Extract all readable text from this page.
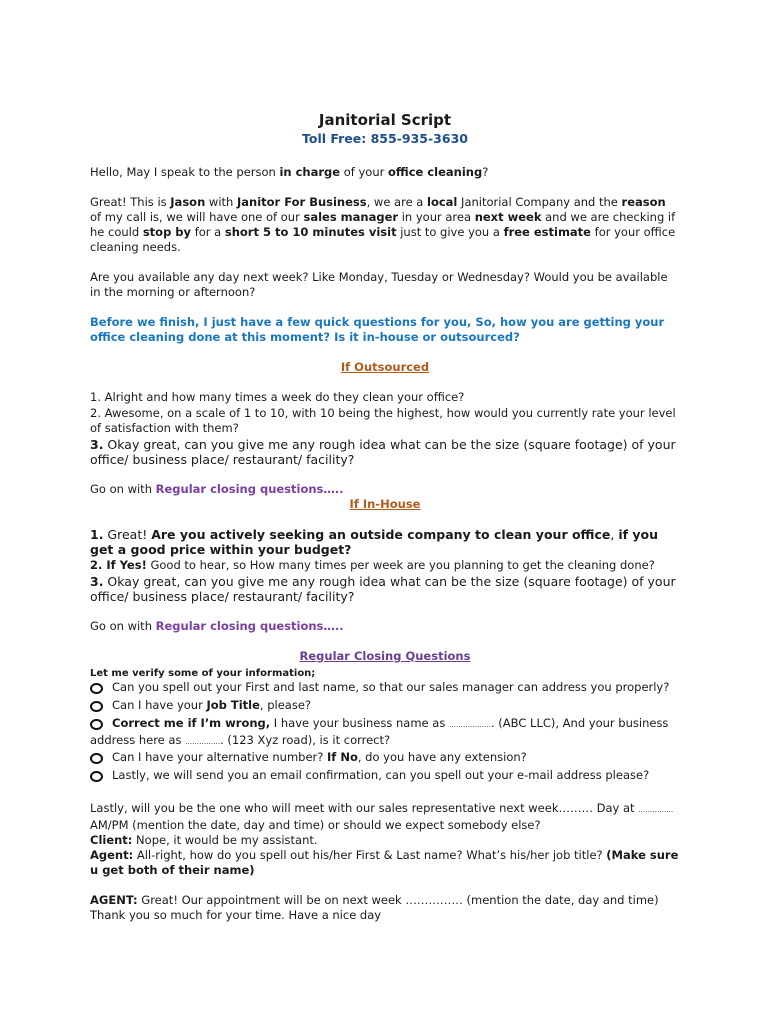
Janitorial Script

Toll Free: 855-935-3630

Hello, May I speak to the person in charge of your office cleaning?

Great! This is Jason with Janitor For Business, we are a local Janitorial Company and the reason of my call is, we will have one of our sales manager in your area next week and we are checking if he could stop by for a short 5 to 10 minutes visit just to give you a free estimate for your office cleaning needs.

Are you available any day next week? Like Monday, Tuesday or Wednesday? Would you be available in the morning or afternoon?

Before we finish, I just have a few quick questions for you, So, how you are getting your office cleaning done at this moment? Is it in-house or outsourced?

If Outsourced

1. Alright and how many times a week do they clean your office?

2. Awesome, on a scale of 1 to 10, with 10 being the highest, how would you currently rate your level of satisfaction with them?

3. Okay great, can you give me any rough idea what can be the size (square footage) of your office/ business place/ restaurant/ facility?

Go on with Regular closing questions…..

If In-House

1. Great! Are you actively seeking an outside company to clean your office, if you get a good price within your budget?

2. If Yes! Good to hear, so How many times per week are you planning to get the cleaning done?

3. Okay great, can you give me any rough idea what can be the size (square footage) of your office/ business place/ restaurant/ facility?

Go on with Regular closing questions…..

Regular Closing Questions

Let me verify some of your information;

Can you spell out your First and last name, so that our sales manager can address you properly?
Can I have your Job Title, please?
Correct me if I’m wrong, I have your business name as ………………. (ABC LLC), And your business address here as ……………. (123 Xyz road), is it correct?
Can I have your alternative number? If No, do you have any extension?
Lastly, we will send you an email confirmation, can you spell out your e-mail address please?

Lastly, will you be the one who will meet with our sales representative next week……… Day at ……………AM/PM (mention the date, day and time) or should we expect somebody else?

Client: Nope, it would be my assistant.

Agent: All-right, how do you spell out his/her First & Last name? What’s his/her job title? (Make sure u get both of their name)

AGENT: Great! Our appointment will be on next week …………… (mention the date, day and time) Thank you so much for your time. Have a nice day
